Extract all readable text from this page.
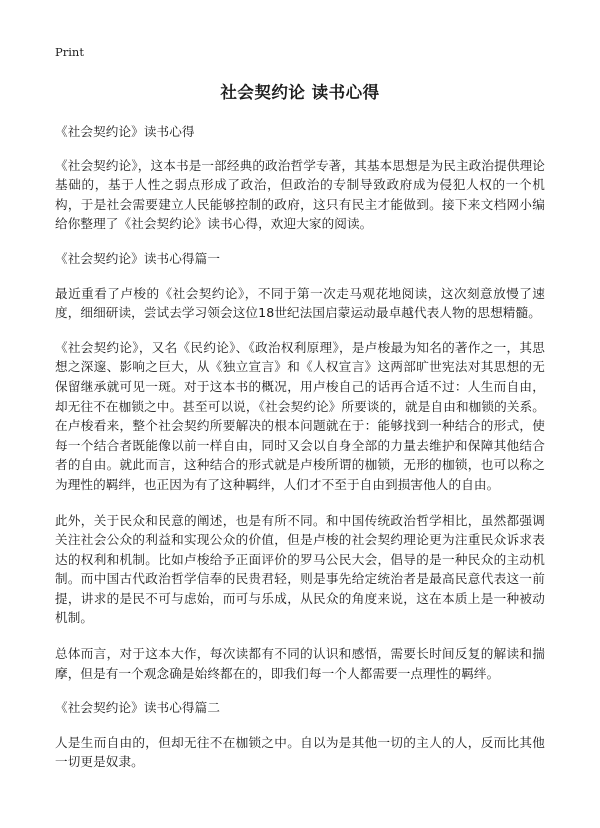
Print
社会契约论 读书心得

《社会契约论》读书心得

《社会契约论》，这本书是一部经典的政治哲学专著，其基本思想是为民主政治提供理论基础的，基于人性之弱点形成了政治，但政治的专制导致政府成为侵犯人权的一个机构，于是社会需要建立人民能够控制的政府，这只有民主才能做到。接下来文档网小编给你整理了《社会契约论》读书心得，欢迎大家的阅读。

《社会契约论》读书心得篇一

最近重看了卢梭的《社会契约论》，不同于第一次走马观花地阅读，这次刻意放慢了速度，细细研读，尝试去学习领会这位18世纪法国启蒙运动最卓越代表人物的思想精髓。

《社会契约论》，又名《民约论》、《政治权利原理》，是卢梭最为知名的著作之一，其思想之深邃、影响之巨大，从《独立宣言》和《人权宣言》这两部旷世宪法对其思想的无保留继承就可见一斑。对于这本书的概况，用卢梭自己的话再合适不过：人生而自由，却无往不在枷锁之中。甚至可以说，《社会契约论》所要谈的，就是自由和枷锁的关系。在卢梭看来，整个社会契约所要解决的根本问题就在于：能够找到一种结合的形式，使每一个结合者既能像以前一样自由，同时又会以自身全部的力量去维护和保障其他结合者的自由。就此而言，这种结合的形式就是卢梭所谓的枷锁，无形的枷锁，也可以称之为理性的羁绊，也正因为有了这种羁绊，人们才不至于自由到损害他人的自由。

此外，关于民众和民意的阐述，也是有所不同。和中国传统政治哲学相比，虽然都强调关注社会公众的利益和实现公众的价值，但是卢梭的社会契约理论更为注重民众诉求表达的权利和机制。比如卢梭给予正面评价的罗马公民大会，倡导的是一种民众的主动机制。而中国古代政治哲学信奉的民贵君轻，则是事先给定统治者是最高民意代表这一前提，讲求的是民不可与虑始，而可与乐成，从民众的角度来说，这在本质上是一种被动机制。

总体而言，对于这本大作，每次读都有不同的认识和感悟，需要长时间反复的解读和揣摩，但是有一个观念确是始终都在的，即我们每一个人都需要一点理性的羁绊。

《社会契约论》读书心得篇二

人是生而自由的，但却无往不在枷锁之中。自以为是其他一切的主人的人，反而比其他一切更是奴隶。
